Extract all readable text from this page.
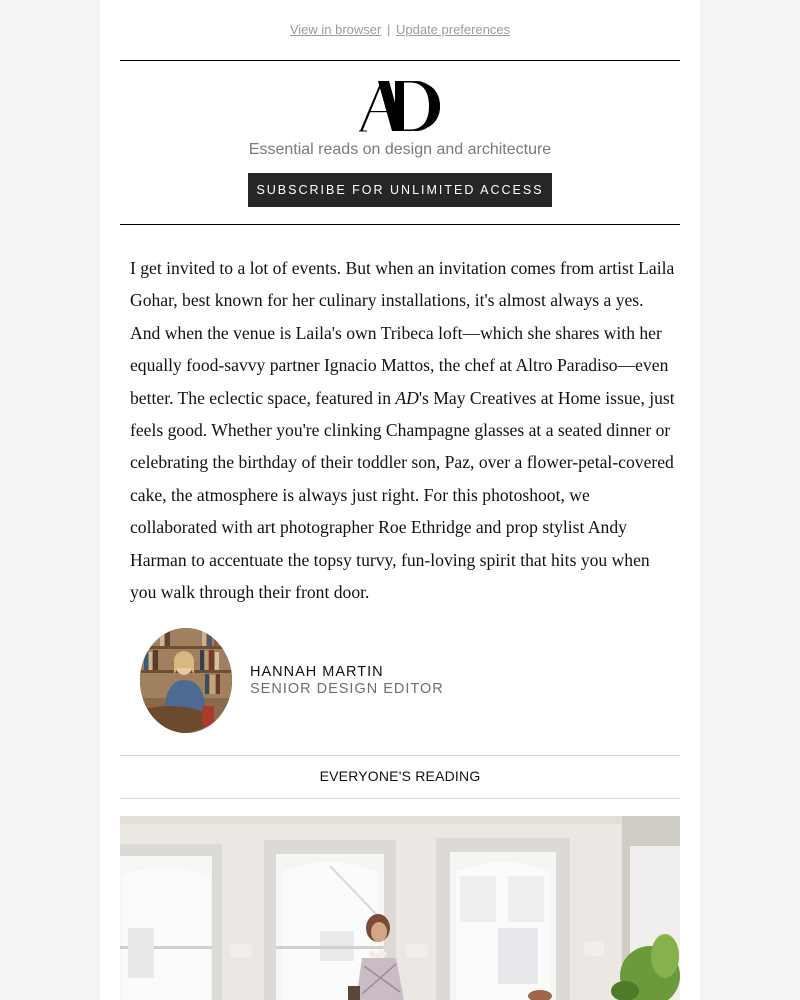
View in browser | Update preferences
Essential reads on design and architecture
SUBSCRIBE FOR UNLIMITED ACCESS

I get invited to a lot of events. But when an invitation comes from artist Laila Gohar, best known for her culinary installations, it's almost always a yes. And when the venue is Laila's own Tribeca loft—which she shares with her equally food-savvy partner Ignacio Mattos, the chef at Altro Paradiso—even better. The eclectic space, featured in AD's May Creatives at Home issue, just feels good. Whether you're clinking Champagne glasses at a seated dinner or celebrating the birthday of their toddler son, Paz, over a flower-petal-covered cake, the atmosphere is always just right. For this photoshoot, we collaborated with art photographer Roe Ethridge and prop stylist Andy Harman to accentuate the topsy turvy, fun-loving spirit that hits you when you walk through their front door.

HANNAH MARTIN
SENIOR DESIGN EDITOR
EVERYONE'S READING
